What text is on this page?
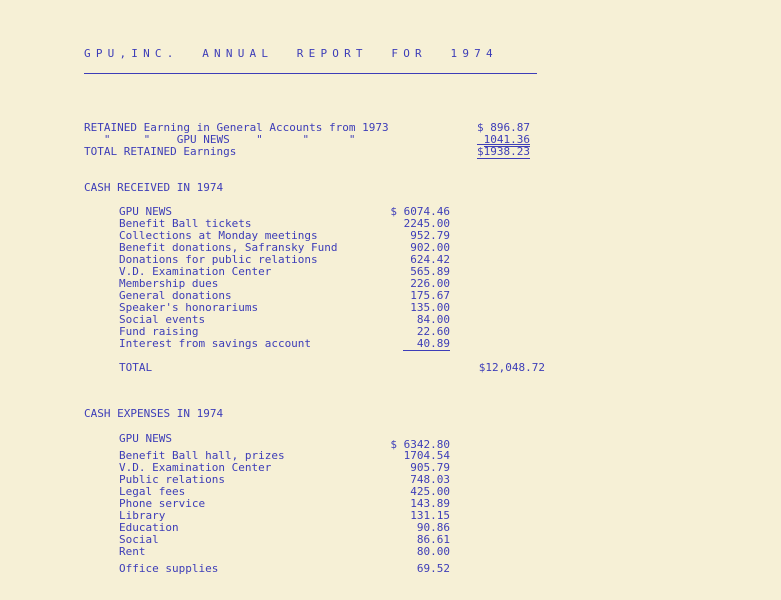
GPU,INC.  ANNUAL  REPORT  FOR  1974
RETAINED Earning in General Accounts from 1973	$ 896.87
"     "    GPU NEWS    "      "      "	1041.36
TOTAL RETAINED Earnings	$1938.23
CASH RECEIVED IN 1974
GPU NEWS	$ 6074.46
Benefit Ball tickets	2245.00
Collections at Monday meetings	952.79
Benefit donations, Safransky Fund	902.00
Donations for public relations	624.42
V.D. Examination Center	565.89
Membership dues	226.00
General donations	175.67
Speaker's honorariums	135.00
Social events	84.00
Fund raising	22.60
Interest from savings account	40.89
TOTAL	$12,048.72
CASH EXPENSES IN 1974
GPU NEWS	$ 6342.80
Benefit Ball hall, prizes	1704.54
V.D. Examination Center	905.79
Public relations	748.03
Legal fees	425.00
Phone service	143.89
Library	131.15
Education	90.86
Social	86.61
Rent	80.00
Office supplies	69.52
